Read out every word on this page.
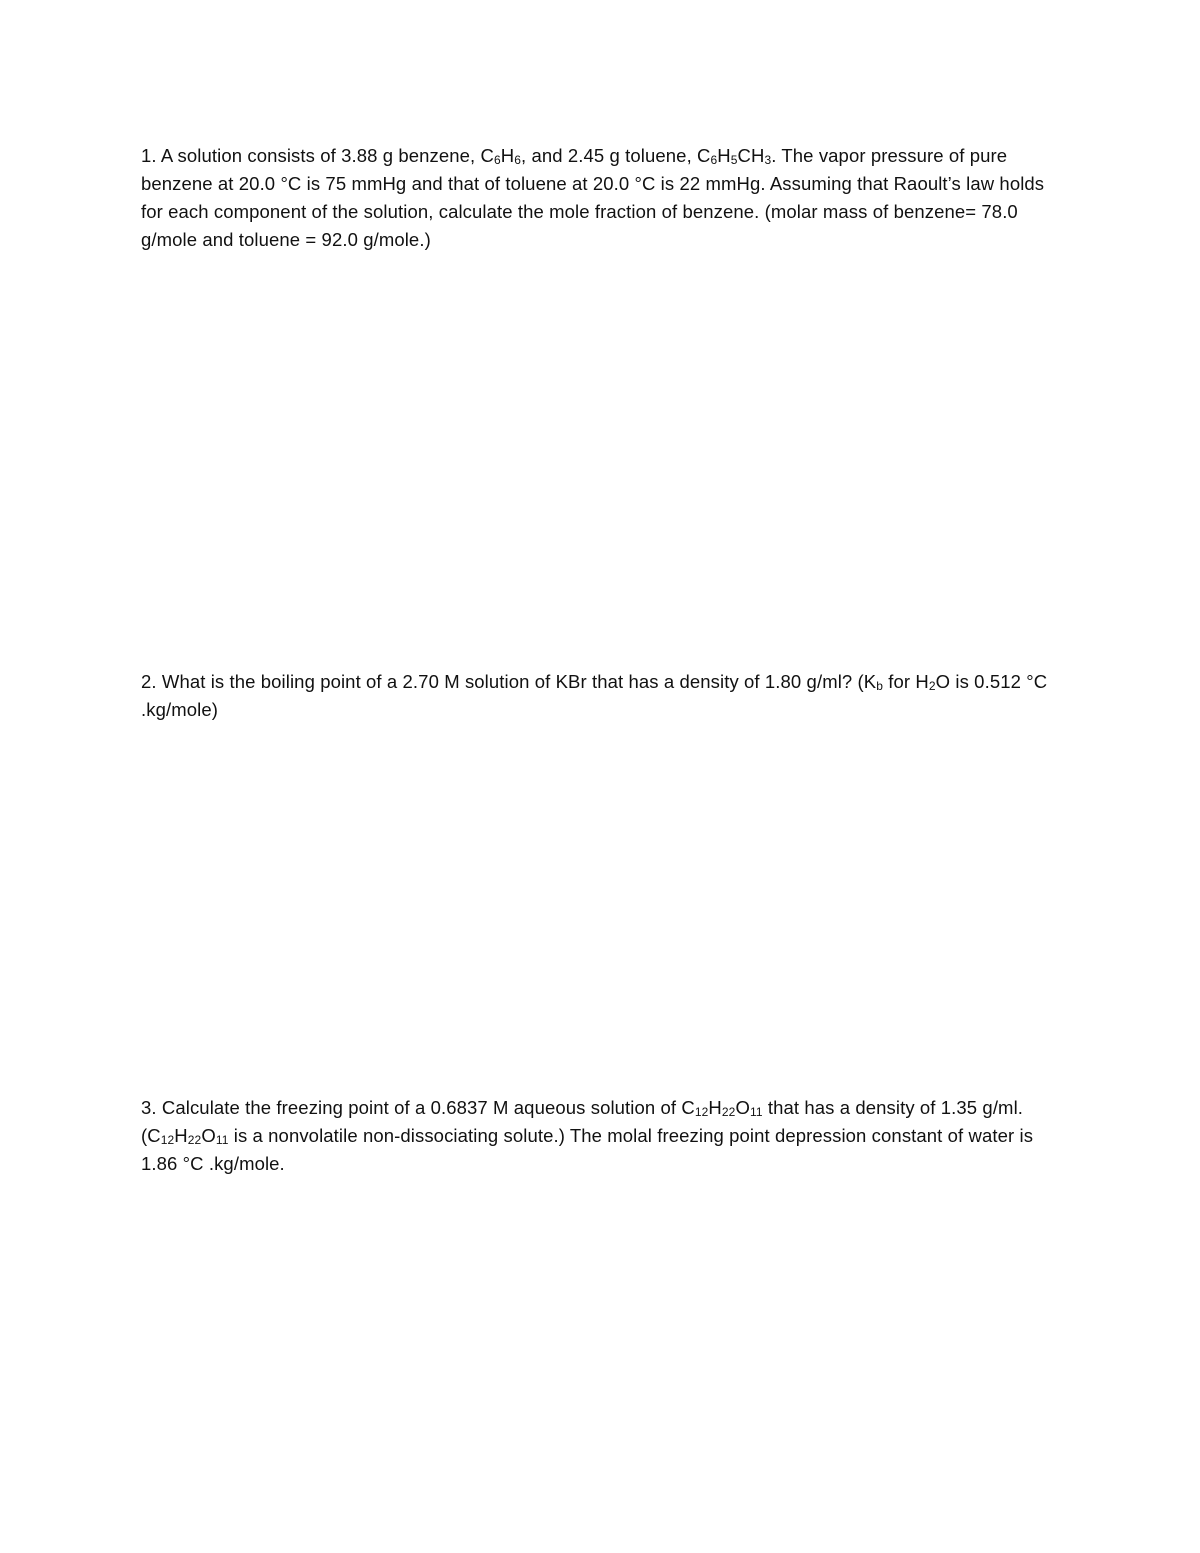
1. A solution consists of 3.88 g benzene, $C_6H_6$, and 2.45 g toluene, $C_6H_5CH_3$. The vapor pressure of pure benzene at 20.0 °C is 75 mmHg and that of toluene at 20.0 °C is 22 mmHg. Assuming that Raoult’s law holds for each component of the solution, calculate the mole fraction of benzene. (molar mass of benzene= 78.0 g/mole and toluene = 92.0 g/mole.)

2. What is the boiling point of a 2.70 M solution of KBr that has a density of 1.80 g/ml? ($K_b$ for $H_2O$ is 0.512 °C .kg/mole)

3. Calculate the freezing point of a 0.6837 M aqueous solution of $C_{12}H_{22}O_{11}$ that has a density of 1.35 g/ml. ($C_{12}H_{22}O_{11}$ is a nonvolatile non-dissociating solute.) The molal freezing point depression constant of water is 1.86 °C .kg/mole.
